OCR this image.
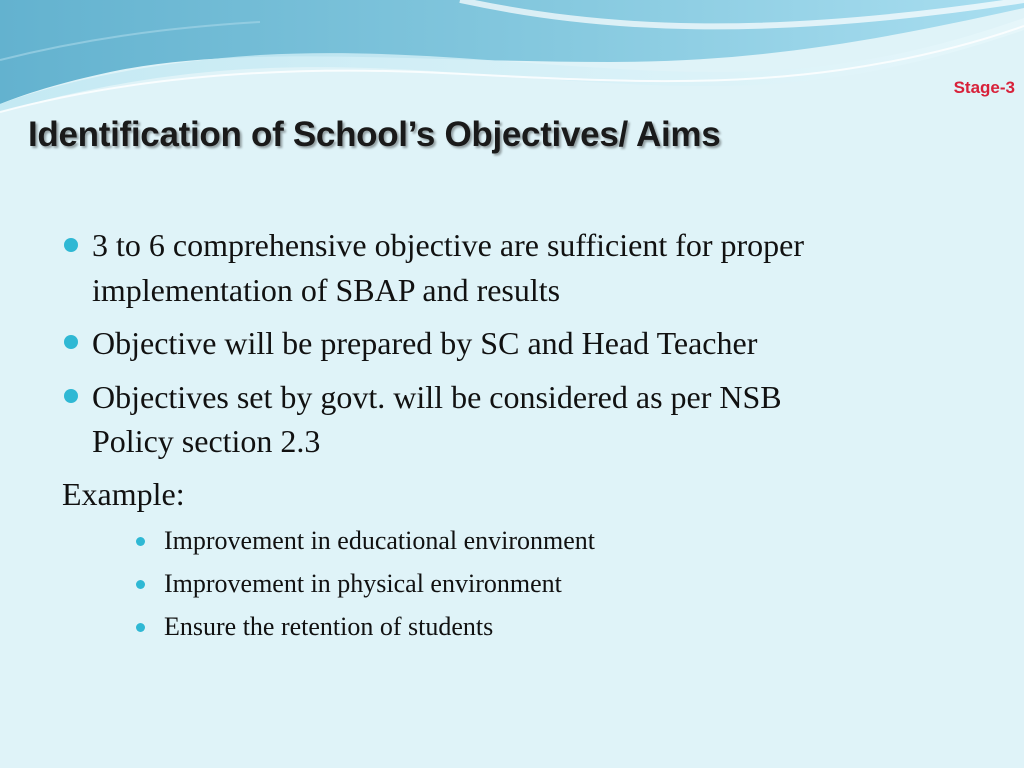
Stage-3
Identification of School’s Objectives/ Aims
3 to 6 comprehensive objective are sufficient for proper
implementation of SBAP and results
Objective will be prepared by SC and Head Teacher
Objectives set by govt. will be considered as per NSB
Policy section 2.3
Example:
Improvement in educational environment
Improvement in physical environment
Ensure the retention of students
